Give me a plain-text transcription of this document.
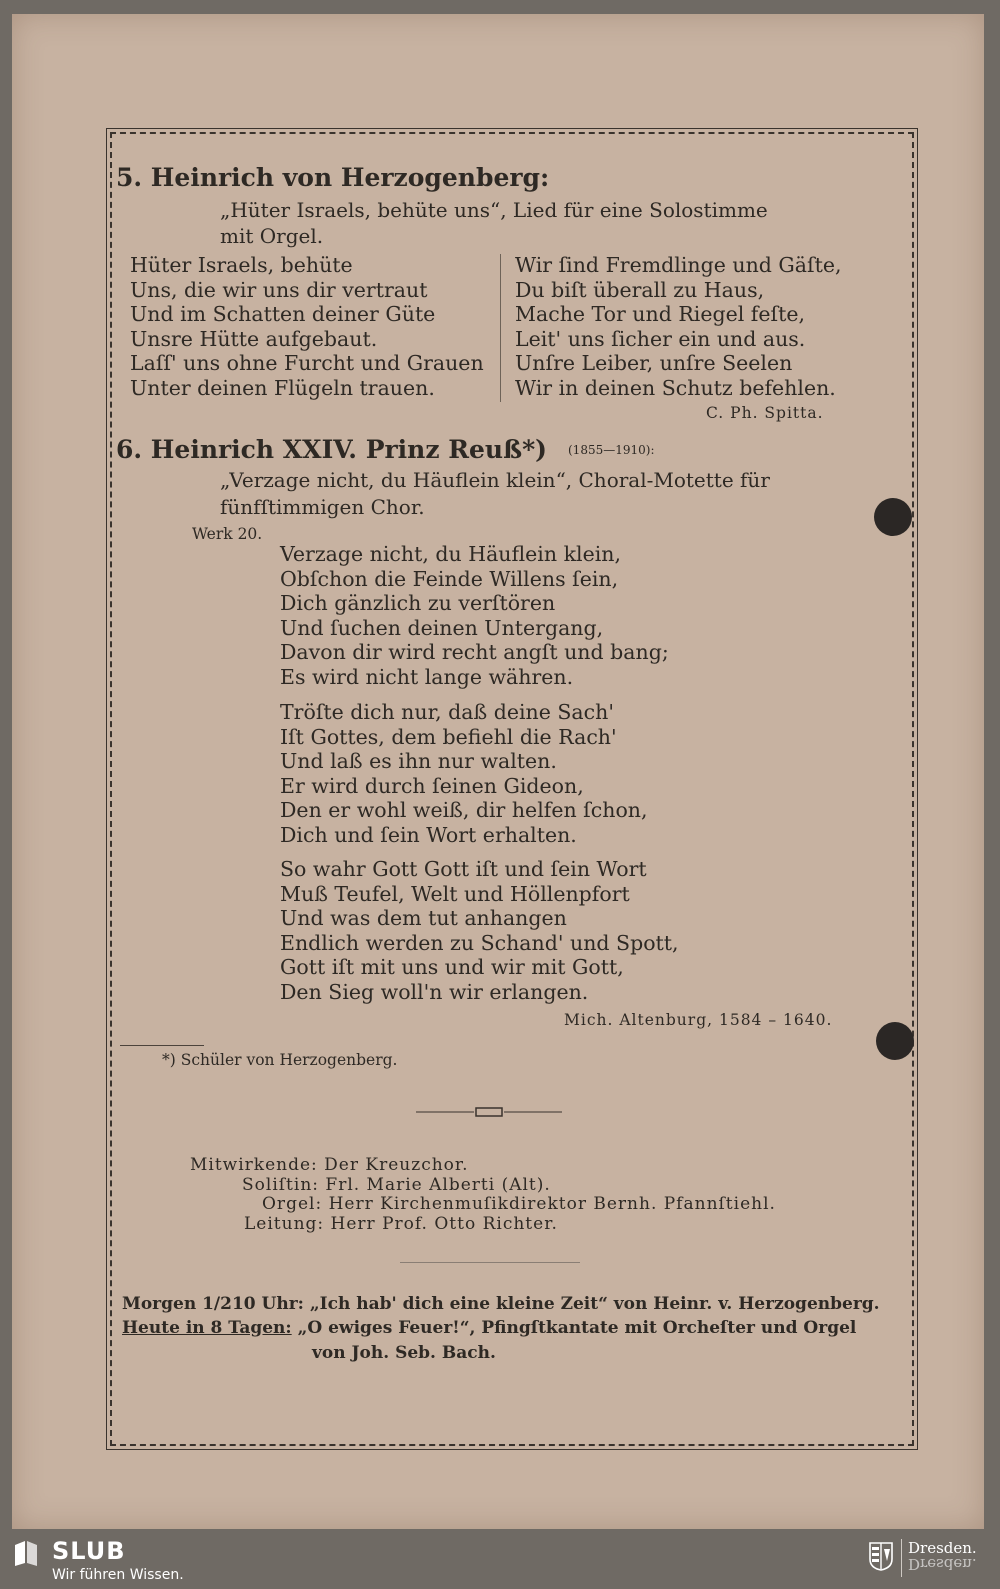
5. Heinrich von Herzogenberg:
„Hüter Israels, behüte uns“, Lied für eine Solostimme
mit Orgel.
Hüter Israels, behüte
Uns, die wir uns dir vertraut
Und im Schatten deiner Güte
Unsre Hütte aufgebaut.
Laſſ' uns ohne Furcht und Grauen
Unter deinen Flügeln trauen.
Wir ſind Fremdlinge und Gäſte,
Du biſt überall zu Haus,
Mache Tor und Riegel feſte,
Leit' uns ſicher ein und aus.
Unſre Leiber, unſre Seelen
Wir in deinen Schutz befehlen.
C. Ph. Spitta.
6. Heinrich XXIV. Prinz Reuß*) (1855—1910):
„Verzage nicht, du Häuflein klein“, Choral-Motette für
fünfſtimmigen Chor.
Werk 20.
Verzage nicht, du Häuflein klein,
Obſchon die Feinde Willens ſein,
Dich gänzlich zu verſtören
Und ſuchen deinen Untergang,
Davon dir wird recht angſt und bang;
Es wird nicht lange währen.
Tröſte dich nur, daß deine Sach'
Iſt Gottes, dem befiehl die Rach'
Und laß es ihn nur walten.
Er wird durch ſeinen Gideon,
Den er wohl weiß, dir helfen ſchon,
Dich und ſein Wort erhalten.
So wahr Gott Gott iſt und ſein Wort
Muß Teufel, Welt und Höllenpfort
Und was dem tut anhangen
Endlich werden zu Schand' und Spott,
Gott iſt mit uns und wir mit Gott,
Den Sieg woll'n wir erlangen.
Mich. Altenburg, 1584 – 1640.
*) Schüler von Herzogenberg.
Mitwirkende: Der Kreuzchor.
Soliſtin: Frl. Marie Alberti (Alt).
Orgel: Herr Kirchenmuſikdirektor Bernh. Pfannſtiehl.
Leitung: Herr Prof. Otto Richter.
Morgen 1/210 Uhr: „Ich hab' dich eine kleine Zeit“ von Heinr. v. Herzogenberg.
Heute in 8 Tagen: „O ewiges Feuer!“, Pfingſtkantate mit Orcheſter und Orgel
von Joh. Seb. Bach.
SLUB
Wir führen Wissen.
Dresden.
Dresden.
